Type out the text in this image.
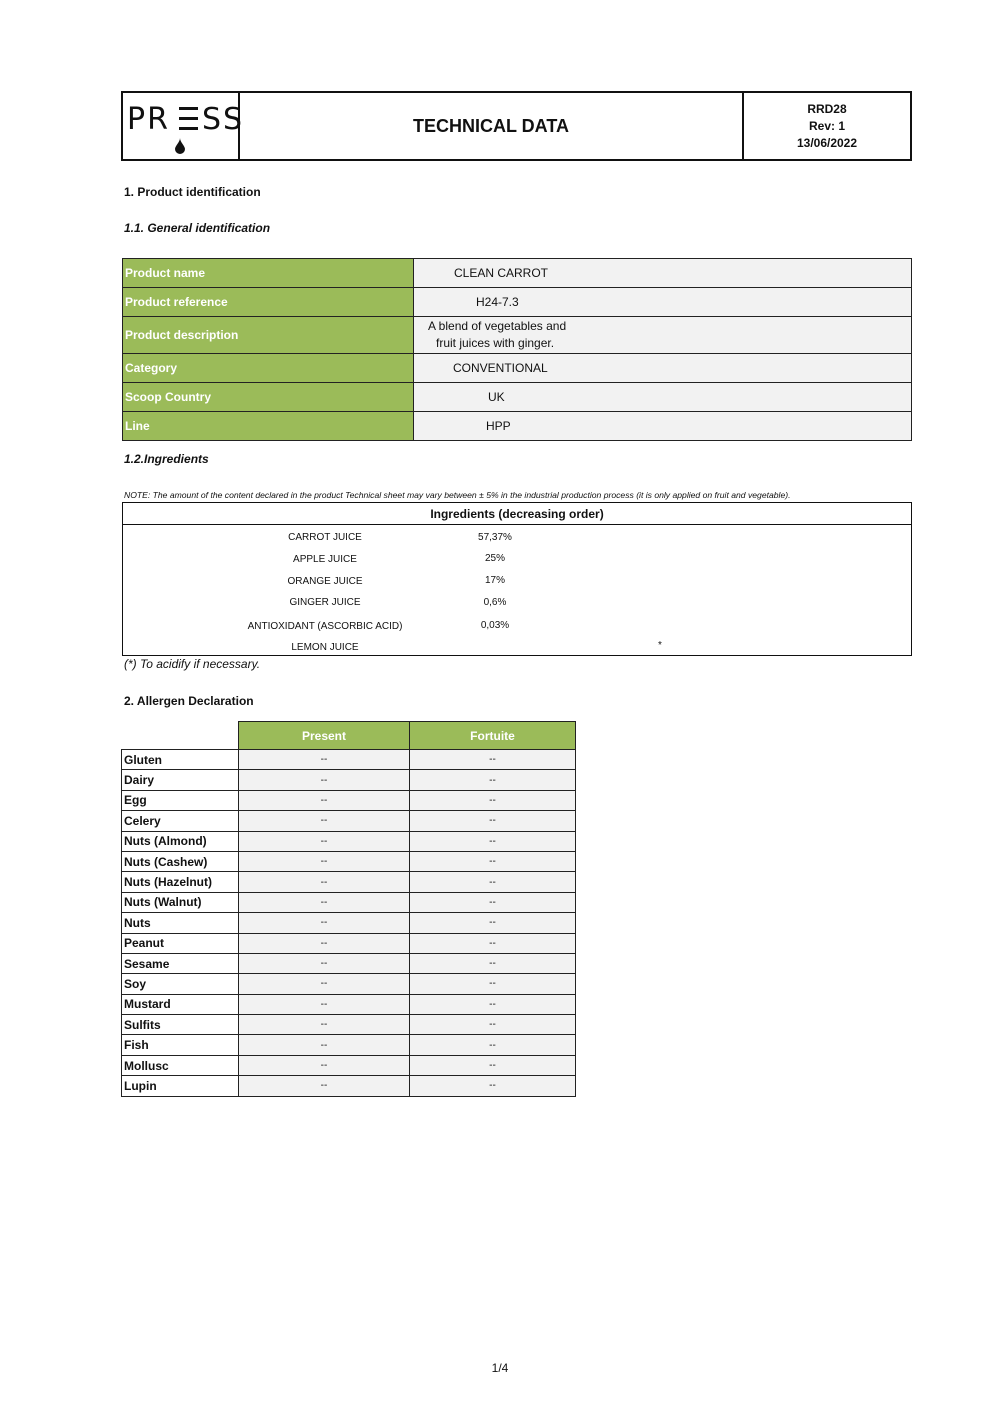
PR SS	TECHNICAL DATA
RRD28
Rev: 1
13/06/2022
1. Product identification
1.1. General identification
Product name	CLEAN CARROT
Product reference	H24-7.3
Product description	A blend of vegetables and
fruit juices with ginger.

Category	CONVENTIONAL
Scoop Country	UK
Line	HPP
1.2.Ingredients
NOTE: The amount of the content declared in the product Technical sheet may vary between ± 5% in the industrial production process (it is only applied on fruit and vegetable).
Ingredients (decreasing order)
CARROT JUICE	57,37%
APPLE JUICE	25%
ORANGE JUICE	17%
GINGER JUICE	0,6%
ANTIOXIDANT (ASCORBIC ACID)	0,03%
LEMON JUICE	*
(*) To acidify if necessary.
2. Allergen Declaration
	Present	Fortuite
Gluten	--	--
Dairy	--	--
Egg	--	--
Celery	--	--
Nuts (Almond)	--	--
Nuts (Cashew)	--	--
Nuts (Hazelnut)	--	--
Nuts (Walnut)	--	--
Nuts	--	--
Peanut	--	--
Sesame	--	--
Soy	--	--
Mustard	--	--
Sulfits	--	--
Fish	--	--
Mollusc	--	--
Lupin	--	--
1/4
